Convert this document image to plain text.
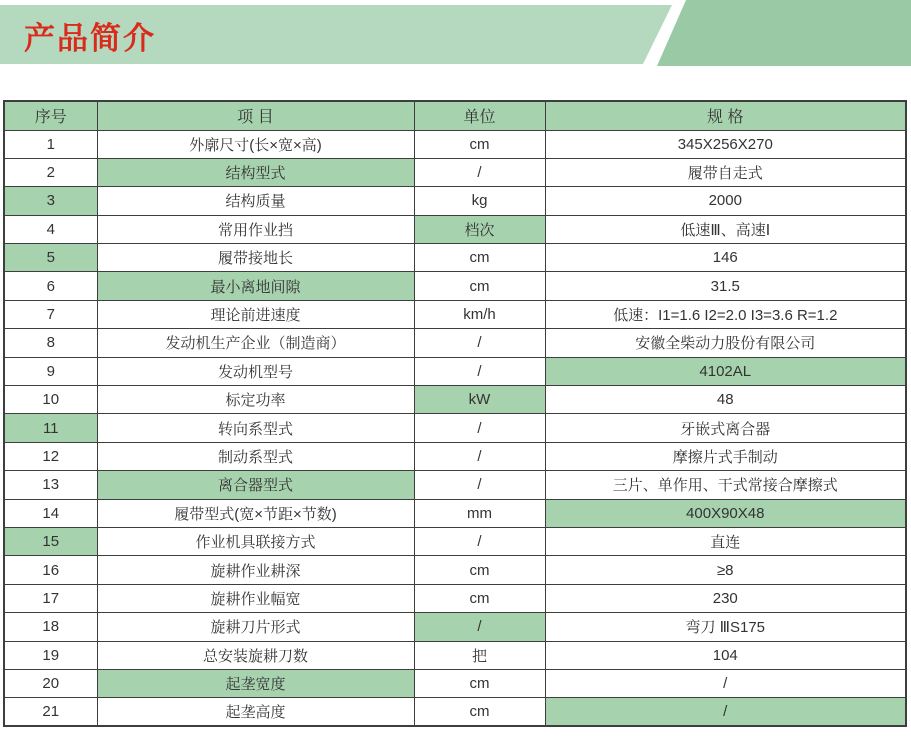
产品简介
序号	项 目	单位	规 格
1	外廓尺寸(长×宽×高)	cm	345X256X270
2	结构型式	/	履带自走式
3	结构质量	kg	2000
4	常用作业挡	档次	低速Ⅲ、高速Ⅰ
5	履带接地长	cm	146
6	最小离地间隙	cm	31.5
7	理论前进速度	km/h	低速：I1=1.6 I2=2.0 I3=3.6 R=1.2
8	发动机生产企业（制造商）	/	安徽全柴动力股份有限公司
9	发动机型号	/	4102AL
10	标定功率	kW	48
11	转向系型式	/	牙嵌式离合器
12	制动系型式	/	摩擦片式手制动
13	离合器型式	/	三片、单作用、干式常接合摩擦式
14	履带型式(宽×节距×节数)	mm	400X90X48
15	作业机具联接方式	/	直连
16	旋耕作业耕深	cm	≥8
17	旋耕作业幅宽	cm	230
18	旋耕刀片形式	/	弯刀 ⅢS175
19	总安装旋耕刀数	把	104
20	起垄宽度	cm	/
21	起垄高度	cm	/
